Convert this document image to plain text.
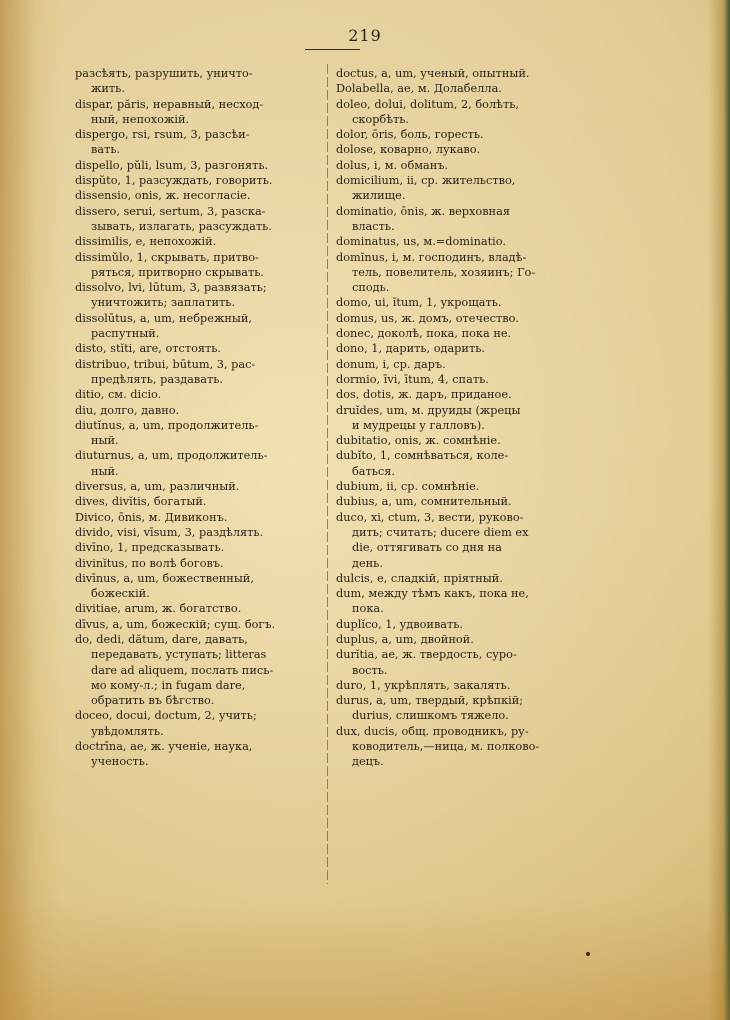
219
разсѣять, разрушить, уничто-
жить.
dispar, păris, неравный, несход-
ный, непохожій.
dispergo, rsi, rsum, 3, разсѣи-
вать.
dispello, pŭli, lsum, 3, разгонять.
dispŭto, 1, разсуждать, говорить.
dissensio, onis, ж. несогласіе.
dissero, serui, sertum, 3, разска-
зывать, излагать, разсуждать.
dissimilis, e, непохожій.
dissimŭlo, 1, скрывать, притво-
ряться, притворно скрывать.
dissolvo, lvi, lūtum, 3, развязать;
уничтожить; заплатить.
dissolūtus, a, um, небрежный,
распутный.
disto, stĭti, are, отстоять.
distribuo, tribui, būtum, 3, рас-
предѣлять, раздавать.
ditio, см. dicio.
diu, долго, давно.
diutĭnus, a, um, продолжитель-
ный.
diuturnus, a, um, продолжитель-
ный.
diversus, a, um, различный.
dives, divĭtis, богатый.
Divico, ōnis, м. Дивиконъ.
divido, visi, vīsum, 3, раздѣлять.
divīno, 1, предсказывать.
divinĭtus, по волѣ боговъ.
divīnus, a, um, божественный,
божескій.
divitiae, arum, ж. богатство.
dīvus, a, um, божескій; сущ. богъ.
do, dedi, dătum, dare, давать,
передавать, уступать; litteras
dare ad aliquem, послать пись-
мо кому-л.; in fugam dare,
обратить въ бѣгство.
doceo, docui, doctum, 2, учить;
увѣдомлять.
doctrīna, ae, ж. ученіе, наука,
ученость.
doctus, a, um, ученый, опытный.
Dolabella, ae, м. Долабелла.
doleo, dolui, dolitum, 2, болѣть,
скорбѣть.
dolor, ōris, боль, горесть.
dolose, коварно, лукаво.
dolus, i, м. обманъ.
domicilium, ii, ср. жительство,
жилище.
dominatio, ōnis, ж. верховная
власть.
dominatus, us, м.=dominatio.
domĭnus, i, м. господинъ, владѣ-
тель, повелитель, хозяинъ; Го-
сподь.
domo, ui, ĭtum, 1, укрощать.
domus, us, ж. домъ, отечество.
donec, доколѣ, пока, пока не.
dono, 1, дарить, одарить.
donum, i, ср. даръ.
dormio, īvi, ītum, 4, спать.
dos, dotis, ж. даръ, приданое.
druĭdes, um, м. друиды (жрецы
и мудрецы у галловъ).
dubitatio, onis, ж. сомнѣніе.
dubĭto, 1, сомнѣваться, коле-
баться.
dubium, ii, ср. сомнѣніе.
dubius, a, um, сомнительный.
duco, xi, ctum, 3, вести, руково-
дить; считать; ducere diem ex
die, оттягивать со дня на
день.
dulcis, e, сладкій, пріятный.
dum, между тѣмъ какъ, пока не,
пока.
duplĭco, 1, удвоивать.
duplus, a, um, двойной.
durĭtia, ae, ж. твердость, суро-
вость.
duro, 1, укрѣплять, закалять.
durus, a, um, твердый, крѣпкій;
durius, слишкомъ тяжело.
dux, ducis, общ. проводникъ, ру-
ководитель,—ница, м. полково-
децъ.
